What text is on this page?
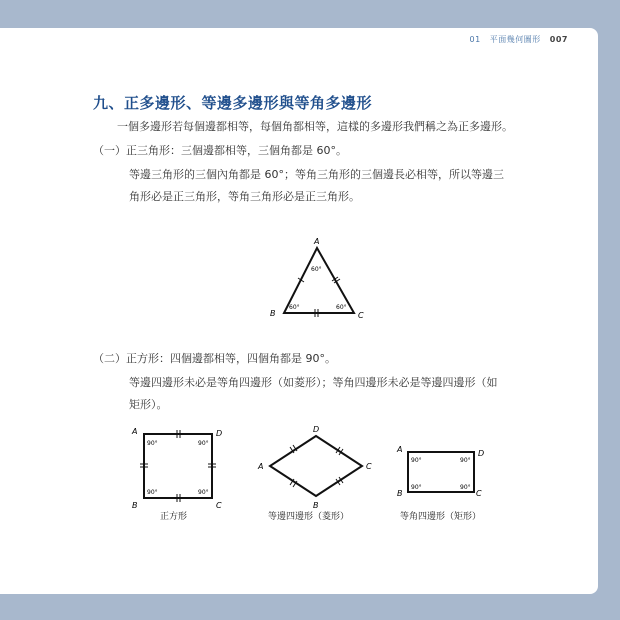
01 平面幾何圖形 007
九、正多邊形、等邊多邊形與等角多邊形
一個多邊形若每個邊都相等，每個角都相等，這樣的多邊形我們稱之為正多邊形。
（一）正三角形：三個邊都相等，三個角都是 60°。
等邊三角形的三個內角都是 60°；等角三角形的三個邊長必相等，所以等邊三
角形必是正三角形，等角三角形必是正三角形。
A
B	C
60°
60°	60°
（二）正方形：四個邊都相等，四個角都是 90°。
等邊四邊形未必是等角四邊形（如菱形）；等角四邊形未必是等邊四邊形（如
矩形）。
A	D
B	C
90°	90°
90°	90°
正方形
D
A	C
B
等邊四邊形（菱形）
A	D
B	C
90°	90°
90°	90°
等角四邊形（矩形）
